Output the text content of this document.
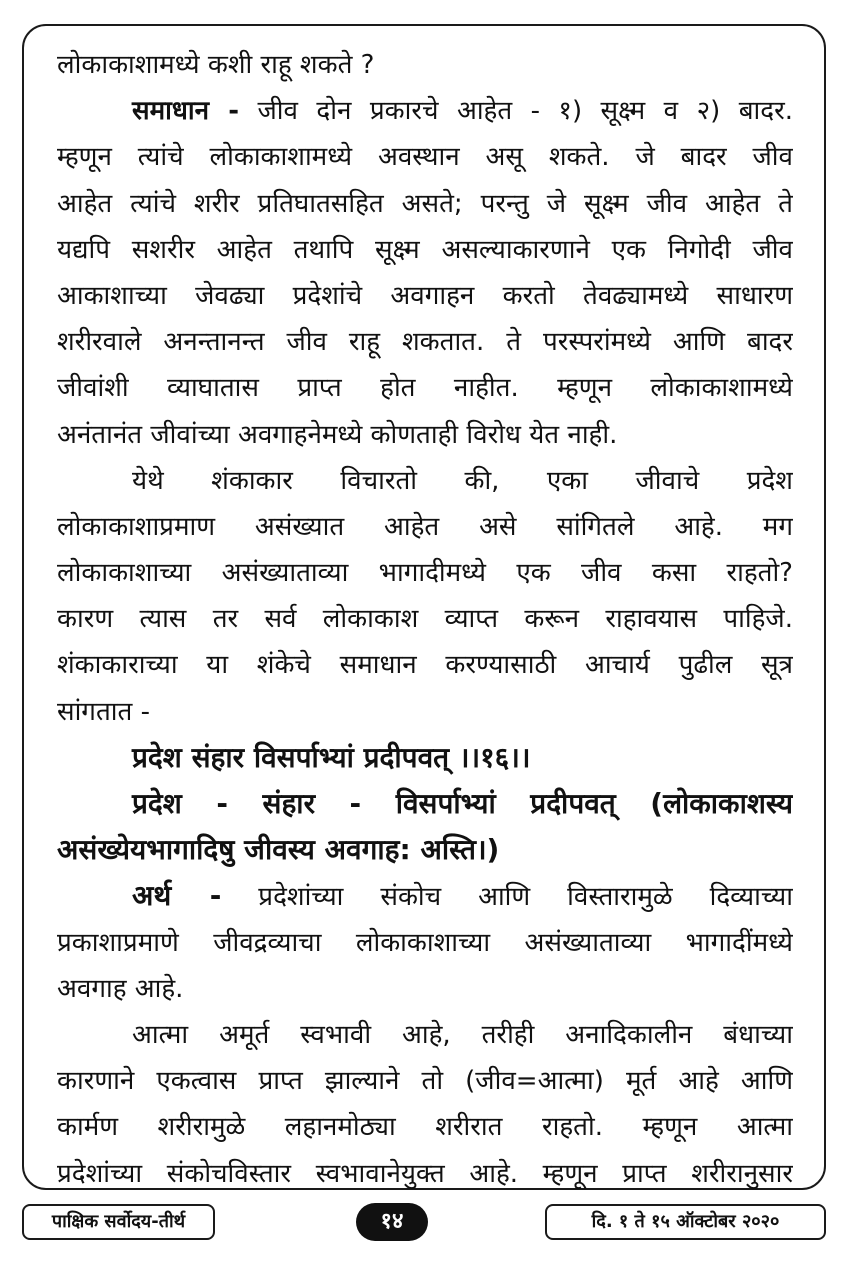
लोकाकाशामध्ये कशी राहू शकते ?
समाधान - जीव दोन प्रकारचे आहेत - १) सूक्ष्म व २) बादर.
म्हणून त्यांचे लोकाकाशामध्ये अवस्थान असू शकते. जे बादर जीव
आहेत त्यांचे शरीर प्रतिघातसहित असते; परन्तु जे सूक्ष्म जीव आहेत ते
यद्यपि सशरीर आहेत तथापि सूक्ष्म असल्याकारणाने एक निगोदी जीव
आकाशाच्या जेवढ्या प्रदेशांचे अवगाहन करतो तेवढ्यामध्ये साधारण
शरीरवाले अनन्तानन्त जीव राहू शकतात. ते परस्परांमध्ये आणि बादर
जीवांशी व्याघातास प्राप्त होत नाहीत. म्हणून लोकाकाशामध्ये
अनंतानंत जीवांच्या अवगाहनेमध्ये कोणताही विरोध येत नाही.
येथे शंकाकार विचारतो की, एका जीवाचे प्रदेश
लोकाकाशाप्रमाण असंख्यात आहेत असे सांगितले आहे. मग
लोकाकाशाच्या असंख्याताव्या भागादीमध्ये एक जीव कसा राहतो?
कारण त्यास तर सर्व लोकाकाश व्याप्त करून राहावयास पाहिजे.
शंकाकाराच्या या शंकेचे समाधान करण्यासाठी आचार्य पुढील सूत्र
सांगतात -
प्रदेश संहार विसर्पाभ्यां प्रदीपवत् ।।१६।।
प्रदेश - संहार - विसर्पाभ्यां प्रदीपवत् (लोकाकाशस्य
असंख्येयभागादिषु जीवस्य अवगाह: अस्ति।)
अर्थ - प्रदेशांच्या संकोच आणि विस्तारामुळे दिव्याच्या
प्रकाशाप्रमाणे जीवद्रव्याचा लोकाकाशाच्या असंख्याताव्या भागादींमध्ये
अवगाह आहे.
आत्मा अमूर्त स्वभावी आहे, तरीही अनादिकालीन बंधाच्या
कारणाने एकत्वास प्राप्त झाल्याने तो (जीव=आत्मा) मूर्त आहे आणि
कार्मण शरीरामुळे लहानमोठ्या शरीरात राहतो. म्हणून आत्मा
प्रदेशांच्या संकोचविस्तार स्वभावानेयुक्त आहे. म्हणून प्राप्त शरीरानुसार
पाक्षिक सर्वोदय-तीर्थ	१४	दि. १ ते १५ ऑक्टोबर २०२०
